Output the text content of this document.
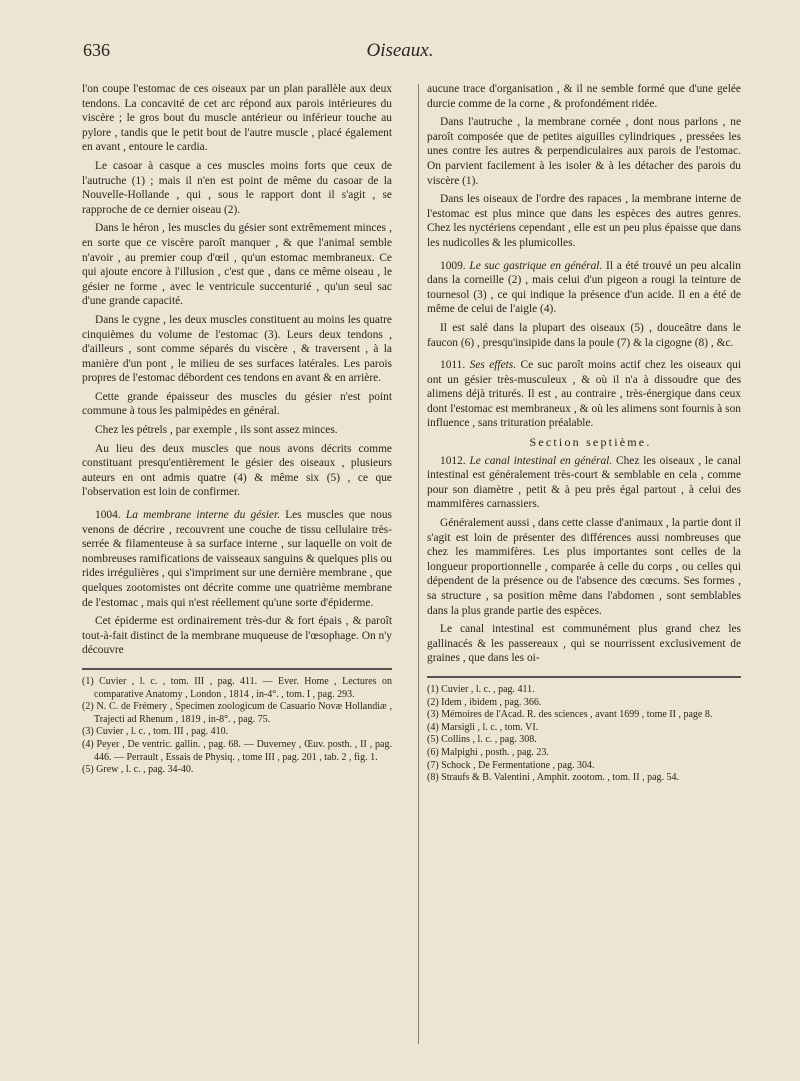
636	Oiseaux.

l'on coupe l'estomac de ces oiseaux par un plan parallèle aux deux tendons. La concavité de cet arc répond aux parois intérieures du viscère ; le gros bout du muscle antérieur ou inférieur touche au pylore , tandis que le petit bout de l'autre muscle , placé également en avant , entoure le cardia.

Le casoar à casque a ces muscles moins forts que ceux de l'autruche (1) ; mais il n'en est point de même du casoar de la Nouvelle-Hollande , qui , sous le rapport dont il s'agit , se rapproche de ce dernier oiseau (2).

Dans le héron , les muscles du gésier sont extrêmement minces , en sorte que ce viscère paroît manquer , & que l'animal semble n'avoir , au premier coup d'œil , qu'un estomac membraneux. Ce qui ajoute encore à l'illusion , c'est que , dans ce même oiseau , le gésier ne forme , avec le ventricule succenturié , qu'un seul sac d'une grande capacité.

Dans le cygne , les deux muscles constituent au moins les quatre cinquièmes du volume de l'estomac (3). Leurs deux tendons , d'ailleurs , sont comme séparés du viscère , & traversent , à la manière d'un pont , le milieu de ses surfaces latérales. Les parois propres de l'estomac débordent ces tendons en avant & en arrière.

Cette grande épaisseur des muscles du gésier n'est point commune à tous les palmipèdes en général.

Chez les pétrels , par exemple , ils sont assez minces.

Au lieu des deux muscles que nous avons décrits comme constituant presqu'entièrement le gésier des oiseaux , plusieurs auteurs en ont admis quatre (4) & même six (5) , ce que l'observation est loin de confirmer.

1004. La membrane interne du gésier. Les muscles que nous venons de décrire , recouvrent une couche de tissu cellulaire très-serrée & filamenteuse à sa surface interne , sur laquelle on voit de nombreuses ramifications de vaisseaux sanguins & quelques plis ou rides irrégulières , qui s'impriment sur une dernière membrane , que quelques zootomistes ont décrite comme une quatrième membrane de l'estomac , mais qui n'est réellement qu'une sorte d'épiderme.

Cet épiderme est ordinairement très-dur & fort épais , & paroît tout-à-fait distinct de la membrane muqueuse de l'œsophage. On n'y découvre

(1) Cuvier , l. c. , tom. III , pag. 411. — Ever. Home , Lectures on comparative Anatomy , London , 1814 , in-4°. , tom. I , pag. 293.
(2) N. C. de Frémery , Specimen zoologicum de Casuario Novæ Hollandiæ , Trajecti ad Rhenum , 1819 , in-8°. , pag. 75.
(3) Cuvier , l. c. , tom. III , pag. 410.
(4) Peyer , De ventric. gallin. , pag. 68. — Duverney , Œuv. posth. , II , pag. 446. — Perrault , Essais de Physiq. , tome III , pag. 201 , tab. 2 , fig. 1.
(5) Grew , l. c. , pag. 34-40.

aucune trace d'organisation , & il ne semble formé que d'une gelée durcie comme de la corne , & profondément ridée.

Dans l'autruche , la membrane cornée , dont nous parlons , ne paroît composée que de petites aiguilles cylindriques , pressées les unes contre les autres & perpendiculaires aux parois de l'estomac. On parvient facilement à les isoler & à les détacher des parois du viscère (1).

Dans les oiseaux de l'ordre des rapaces , la membrane interne de l'estomac est plus mince que dans les espèces des autres genres. Chez les nyctériens cependant , elle est un peu plus épaisse que dans les nudicolles & les plumicolles.

1009. Le suc gastrique en général. Il a été trouvé un peu alcalin dans la corneille (2) , mais celui d'un pigeon a rougi la teinture de tournesol (3) , ce qui indique la présence d'un acide. Il en a été de même de celui de l'aigle (4).

Il est salé dans la plupart des oiseaux (5) , douceâtre dans le faucon (6) , presqu'insipide dans la poule (7) & la cigogne (8) , &c.

1011. Ses effets. Ce suc paroît moins actif chez les oiseaux qui ont un gésier très-musculeux , & où il n'a à dissoudre que des alimens déjà triturés. Il est , au contraire , très-énergique dans ceux dont l'estomac est membraneux , & où les alimens sont fournis à son influence , sans trituration préalable.

Section septième.

1012. Le canal intestinal en général. Chez les oiseaux , le canal intestinal est généralement très-court & semblable en cela , comme pour son diamètre , petit & à peu près égal partout , à celui des mammifères carnassiers.

Généralement aussi , dans cette classe d'animaux , la partie dont il s'agit est loin de présenter des différences aussi nombreuses que chez les mammifères. Les plus importantes sont celles de la longueur proportionnelle , comparée à celle du corps , ou celles qui dépendent de la présence ou de l'absence des cœcums. Ses formes , sa structure , sa position même dans l'abdomen , sont semblables dans la plus grande partie des espèces.

Le canal intestinal est communément plus grand chez les gallinacés & les passereaux , qui se nourrissent exclusivement de graines , que dans les oi-

(1) Cuvier , l. c. , pag. 411.
(2) Idem , ibidem , pag. 366.
(3) Mémoires de l'Acad. R. des sciences , avant 1699 , tome II , page 8.
(4) Marsigli , l. c. , tom. VI.
(5) Collins , l. c. , pag. 308.
(6) Malpighi , posth. , pag. 23.
(7) Schock , De Fermentatione , pag. 304.
(8) Straufs & B. Valentini , Amphit. zootom. , tom. II , pag. 54.
